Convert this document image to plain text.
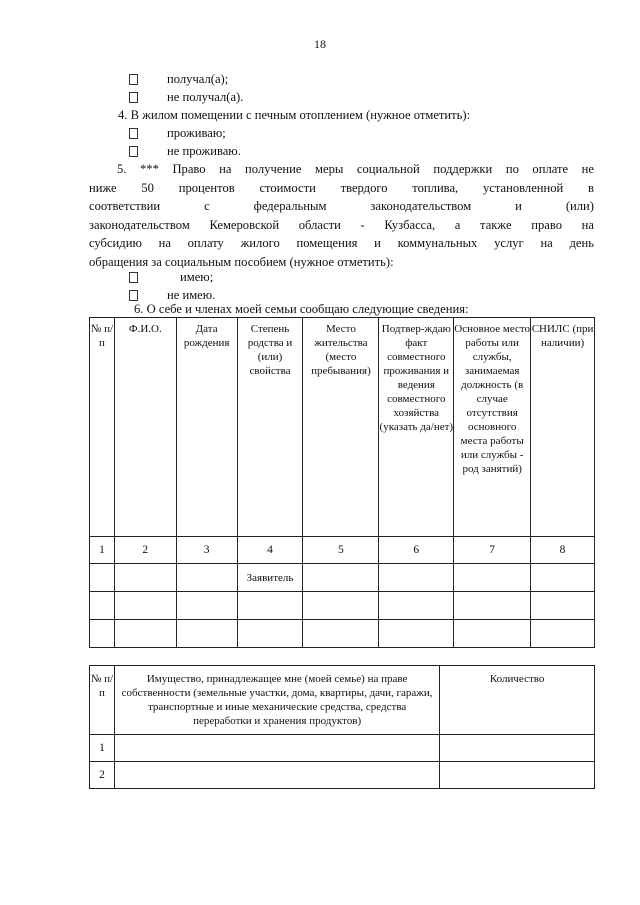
18
получал(а);
не получал(а).
4. В жилом помещении с печным отоплением (нужное отметить):
проживаю;
не проживаю.
5. *** Право на получение меры социальной поддержки по оплате не
ниже 50 процентов стоимости твердого топлива, установленной в
соответствии с федеральным законодательством и (или)
законодательством Кемеровской области - Кузбасса, а также право на
субсидию на оплату жилого помещения и коммунальных услуг на день
обращения за социальным пособием (нужное отметить):
имею;
не имею.
6. О себе и членах моей семьи сообщаю следующие сведения:
№ п/п	Ф.И.О.	Дата рождения	Степень родства и (или) свойства	Место жительства (место пребывания)	Подтвер-ждаю факт совместного проживания и ведения совместного хозяйства (указать да/нет)	Основное место работы или службы, занимаемая должность (в случае отсутствия основного места работы или службы - род занятий)	СНИЛС (при наличии)
1	2	3	4	5	6	7	8
			Заявитель				

№ п/п	Имущество, принадлежащее мне (моей семье) на праве собственности (земельные участки, дома, квартиры, дачи, гаражи, транспортные и иные механические средства, средства переработки и хранения продуктов)	Количество
1		
2		
